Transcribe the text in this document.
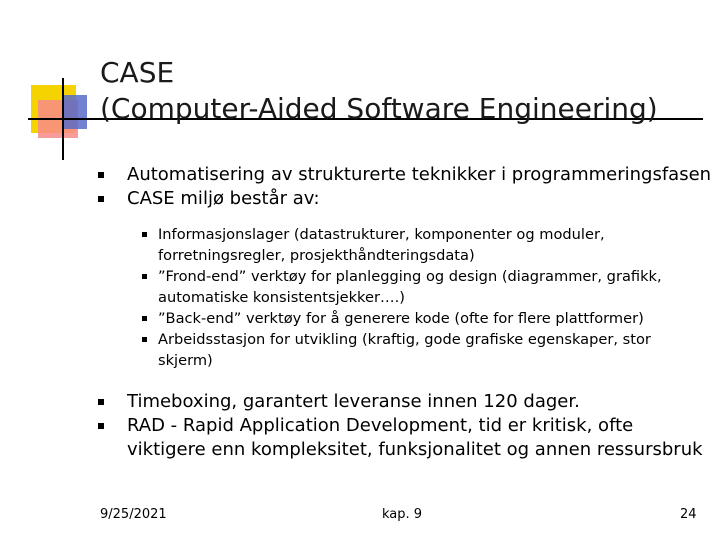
CASE
(Computer-Aided Software Engineering)
Automatisering av strukturerte teknikker i programmeringsfasen
CASE miljø består av:
Informasjonslager (datastrukturer, komponenter og moduler, forretningsregler, prosjekthåndteringsdata)
”Frond-end” verktøy for planlegging og design (diagrammer, grafikk, automatiske konsistentsjekker….)
”Back-end” verktøy for å generere kode (ofte for flere plattformer)
Arbeidsstasjon for utvikling (kraftig, gode grafiske egenskaper, stor skjerm)
Timeboxing, garantert leveranse innen 120 dager.
RAD - Rapid Application Development, tid er kritisk, ofte viktigere enn kompleksitet, funksjonalitet og annen ressursbruk
9/25/2021	kap. 9	24
